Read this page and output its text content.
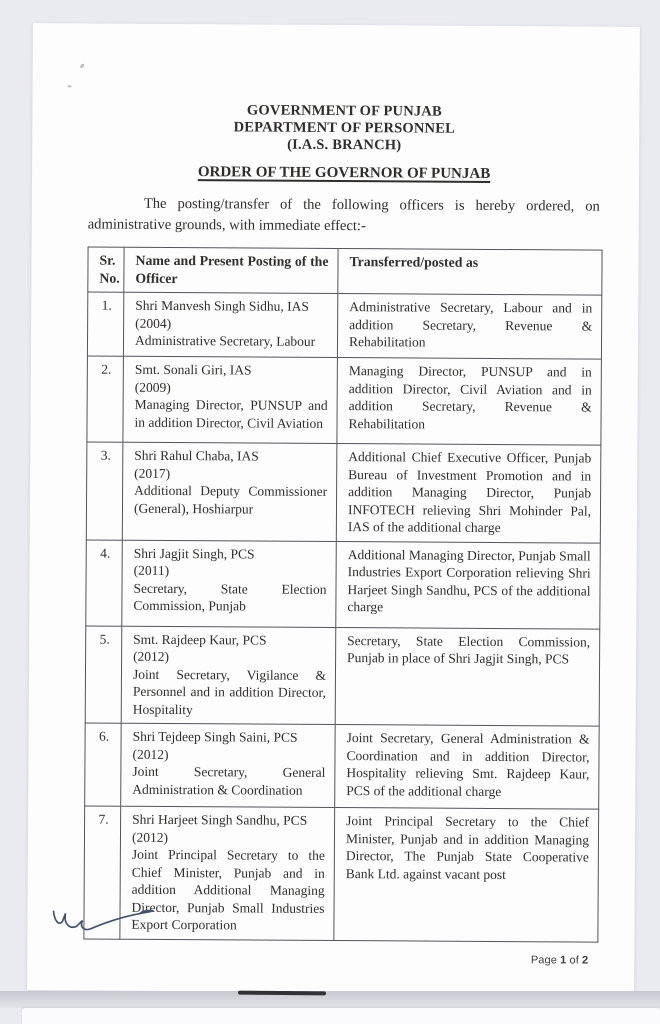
GOVERNMENT OF PUNJAB
DEPARTMENT OF PERSONNEL
(I.A.S. BRANCH)
ORDER OF THE GOVERNOR OF PUNJAB
The posting/transfer of the following officers is hereby ordered, on
administrative grounds, with immediate effect:-
Sr. No.	Name and Present Posting of the Officer	Transferred/posted as
1.	Shri Manvesh Singh Sidhu, IAS
(2004)
Administrative Secretary, Labour	Administrative Secretary, Labour and in addition Secretary, Revenue & Rehabilitation

2.	Smt. Sonali Giri, IAS
(2009)
Managing Director, PUNSUP and in addition Director, Civil Aviation	Managing Director, PUNSUP and in addition Director, Civil Aviation and in addition Secretary, Revenue & Rehabilitation

3.	Shri Rahul Chaba, IAS
(2017)
Additional Deputy Commissioner (General), Hoshiarpur	Additional Chief Executive Officer, Punjab Bureau of Investment Promotion and in addition Managing Director, Punjab INFOTECH relieving Shri Mohinder Pal, IAS of the additional charge

4.	Shri Jagjit Singh, PCS
(2011)
Secretary, State Election Commission, Punjab	Additional Managing Director, Punjab Small Industries Export Corporation relieving Shri Harjeet Singh Sandhu, PCS of the additional charge

5.	Smt. Rajdeep Kaur, PCS
(2012)
Joint Secretary, Vigilance & Personnel and in addition Director, Hospitality	Secretary, State Election Commission, Punjab in place of Shri Jagjit Singh, PCS

6.	Shri Tejdeep Singh Saini, PCS
(2012)
Joint Secretary, General Administration & Coordination	Joint Secretary, General Administration & Coordination and in addition Director, Hospitality relieving Smt. Rajdeep Kaur, PCS of the additional charge

7.	Shri Harjeet Singh Sandhu, PCS
(2012)
Joint Principal Secretary to the Chief Minister, Punjab and in addition Additional Managing Director, Punjab Small Industries Export Corporation	Joint Principal Secretary to the Chief Minister, Punjab and in addition Managing Director, The Punjab State Cooperative Bank Ltd. against vacant post
Page 1 of 2
